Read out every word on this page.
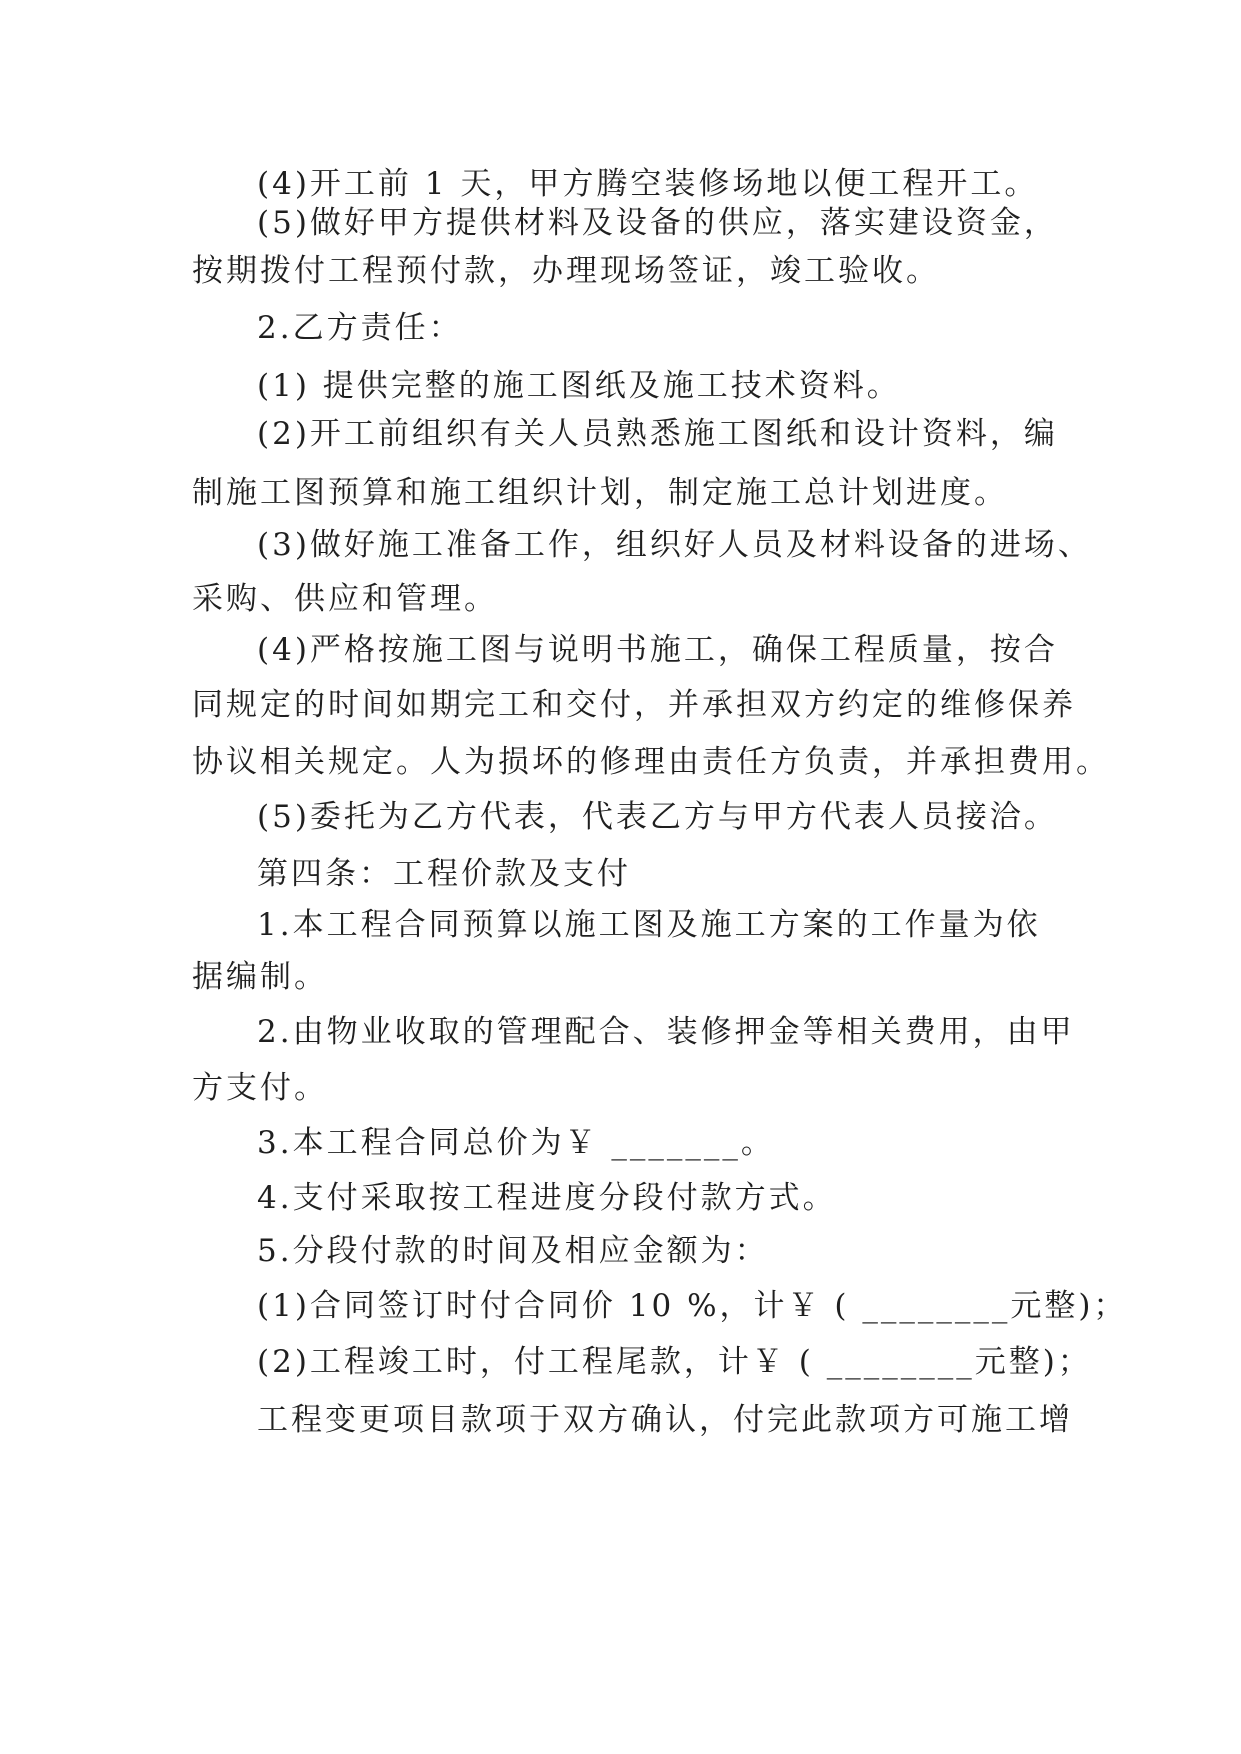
(4)开工前 1 天，甲方腾空装修场地以便工程开工。
(5)做好甲方提供材料及设备的供应，落实建设资金，
按期拨付工程预付款，办理现场签证，竣工验收。
2.乙方责任：
(1) 提供完整的施工图纸及施工技术资料。
(2)开工前组织有关人员熟悉施工图纸和设计资料，编
制施工图预算和施工组织计划，制定施工总计划进度。
(3)做好施工准备工作，组织好人员及材料设备的进场、
采购、供应和管理。
(4)严格按施工图与说明书施工，确保工程质量，按合
同规定的时间如期完工和交付，并承担双方约定的维修保养
协议相关规定。人为损坏的修理由责任方负责，并承担费用。
(5)委托为乙方代表，代表乙方与甲方代表人员接洽。
第四条：工程价款及支付
1.本工程合同预算以施工图及施工方案的工作量为依
据编制。
2.由物业收取的管理配合、装修押金等相关费用，由甲
方支付。
3.本工程合同总价为￥ _______。
4.支付采取按工程进度分段付款方式。
5.分段付款的时间及相应金额为：
(1)合同签订时付合同价 10 %，计￥ ( ________元整)；
(2)工程竣工时，付工程尾款，计￥ ( ________元整)；
工程变更项目款项于双方确认，付完此款项方可施工增
